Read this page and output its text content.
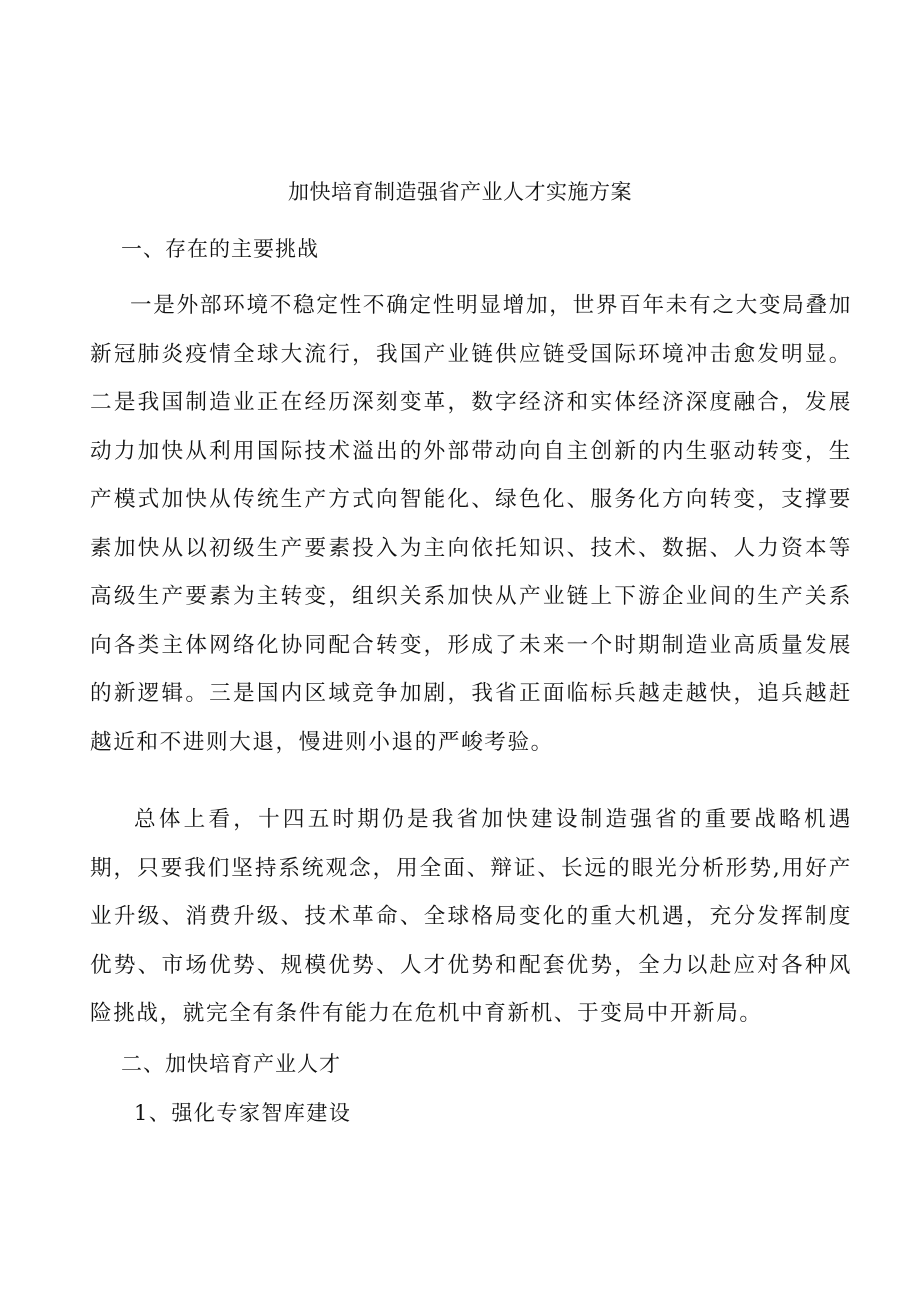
加快培育制造强省产业人才实施方案
一、存在的主要挑战

一是外部环境不稳定性不确定性明显增加，世界百年未有之大变局叠加新冠肺炎疫情全球大流行，我国产业链供应链受国际环境冲击愈发明显。二是我国制造业正在经历深刻变革，数字经济和实体经济深度融合，发展动力加快从利用国际技术溢出的外部带动向自主创新的内生驱动转变，生产模式加快从传统生产方式向智能化、绿色化、服务化方向转变，支撑要素加快从以初级生产要素投入为主向依托知识、技术、数据、人力资本等高级生产要素为主转变，组织关系加快从产业链上下游企业间的生产关系向各类主体网络化协同配合转变，形成了未来一个时期制造业高质量发展的新逻辑。三是国内区域竞争加剧，我省正面临标兵越走越快，追兵越赶越近和不进则大退，慢进则小退的严峻考验。

总体上看，十四五时期仍是我省加快建设制造强省的重要战略机遇期，只要我们坚持系统观念，用全面、辩证、长远的眼光分析形势,用好产业升级、消费升级、技术革命、全球格局变化的重大机遇，充分发挥制度优势、市场优势、规模优势、人才优势和配套优势，全力以赴应对各种风险挑战，就完全有条件有能力在危机中育新机、于变局中开新局。

二、加快培育产业人才
1、强化专家智库建设
